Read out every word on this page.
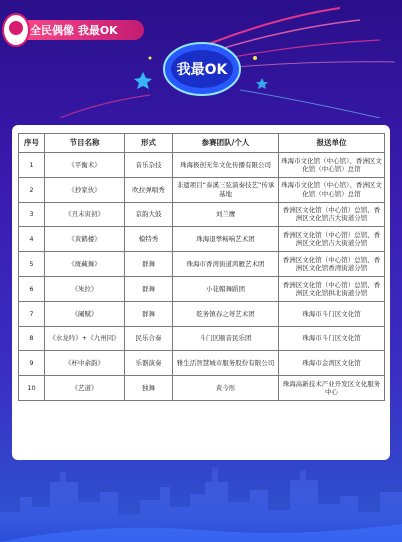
全民偶像 我最OK
我最OK
序号	节目名称	形式	参赛团队/个人	报送单位
1	《平衡术》	音乐杂技	珠海极创无年文化传播有限公司	珠海市文化馆（中心馆）、香洲区文化馆（中心馆）总馆
2	《抄家伙》	吹拉弹唱秀	非遗项目“泰溪三弦演奏技艺”传承基地	珠海市文化馆（中心馆）、香洲区文化馆（中心馆）总馆
3	《丑末寅初》	京韵大鼓	刘兰鹰	香洲区文化馆（中心馆）总馆、香洲区文化馆吉大街道分馆
4	《黄鹤楼》	模特秀	珠海退孳畅响艺术团	香洲区文化馆（中心馆）总馆、香洲区文化馆吉大街道分馆
5	《斑藏舞》	群舞	珠海市香湾街道鸿雁艺术团	香洲区文化馆（中心馆）总馆、香洲区文化馆香湾街道分馆
6	《朱拉》	群舞	小花帽舞蹈团	香洲区文化馆（中心馆）总馆、香洲区文化馆拱北街道分馆
7	《阑赋》	群舞	乾务镇春之萼艺术团	珠海市斗门区文化馆
8	《水龙吟》+《九州同》	民乐合奏	斗门区颐音民乐团	珠海市斗门区文化馆
9	《杯中余韵》	乐器演奏	雅生活智慧城市服务股份有限公司	珠海市金湾区文化馆
10	《艺道》	独舞	黄今彤	珠海高新技术产业开发区文化服务中心
